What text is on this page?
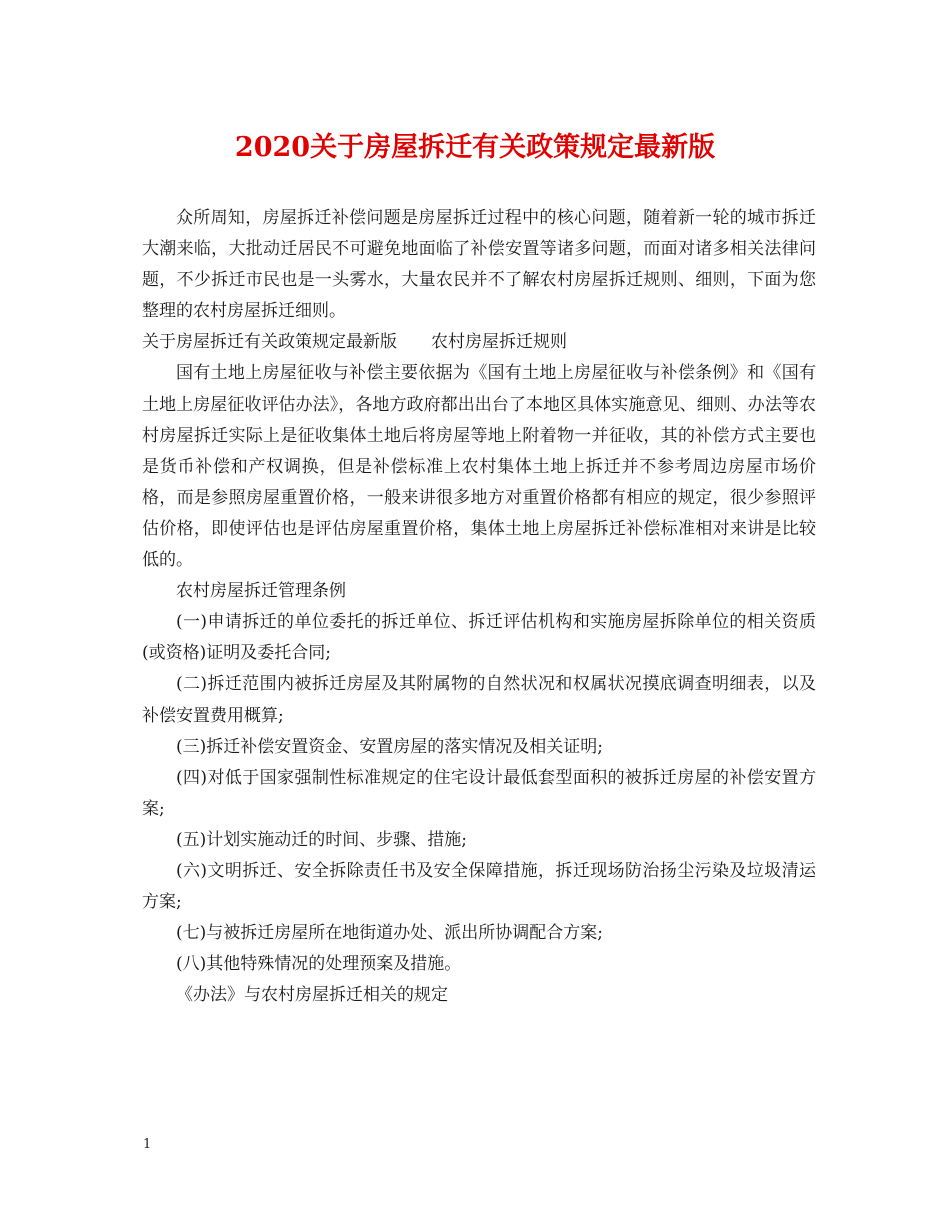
2020关于房屋拆迁有关政策规定最新版

众所周知，房屋拆迁补偿问题是房屋拆迁过程中的核心问题，随着新一轮的城市拆迁大潮来临，大批动迁居民不可避免地面临了补偿安置等诸多问题，而面对诸多相关法律问题，不少拆迁市民也是一头雾水，大量农民并不了解农村房屋拆迁规则、细则，下面为您整理的农村房屋拆迁细则。

关于房屋拆迁有关政策规定最新版　　农村房屋拆迁规则

国有土地上房屋征收与补偿主要依据为《国有土地上房屋征收与补偿条例》和《国有土地上房屋征收评估办法》，各地方政府都出出台了本地区具体实施意见、细则、办法等农村房屋拆迁实际上是征收集体土地后将房屋等地上附着物一并征收，其的补偿方式主要也是货币补偿和产权调换，但是补偿标准上农村集体土地上拆迁并不参考周边房屋市场价格，而是参照房屋重置价格，一般来讲很多地方对重置价格都有相应的规定，很少参照评估价格，即使评估也是评估房屋重置价格，集体土地上房屋拆迁补偿标准相对来讲是比较低的。

农村房屋拆迁管理条例

(一)申请拆迁的单位委托的拆迁单位、拆迁评估机构和实施房屋拆除单位的相关资质(或资格)证明及委托合同;

(二)拆迁范围内被拆迁房屋及其附属物的自然状况和权属状况摸底调查明细表，以及补偿安置费用概算;

(三)拆迁补偿安置资金、安置房屋的落实情况及相关证明;

(四)对低于国家强制性标准规定的住宅设计最低套型面积的被拆迁房屋的补偿安置方案;

(五)计划实施动迁的时间、步骤、措施;

(六)文明拆迁、安全拆除责任书及安全保障措施，拆迁现场防治扬尘污染及垃圾清运方案;

(七)与被拆迁房屋所在地街道办处、派出所协调配合方案;

(八)其他特殊情况的处理预案及措施。

《办法》与农村房屋拆迁相关的规定

1
